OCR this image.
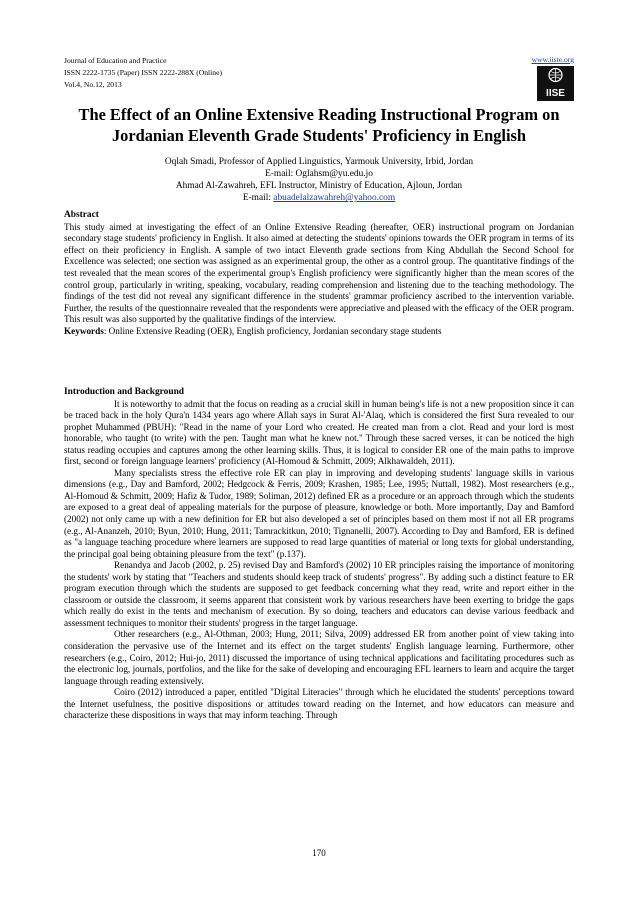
Journal of Education and Practice
ISSN 2222-1735 (Paper) ISSN 2222-288X (Online)
Vol.4, No.12, 2013
www.iiste.org
IISE
The Effect of an Online Extensive Reading Instructional Program on Jordanian Eleventh Grade Students' Proficiency in English
Oqlah Smadi, Professor of Applied Linguistics, Yarmouk University, Irbid, Jordan
E-mail: Oglahsm@yu.edu.jo
Ahmad Al-Zawahreh, EFL Instructor, Ministry of Education, Ajloun, Jordan
E-mail: abuadelalzawahreh@yahoo.com
Abstract

This study aimed at investigating the effect of an Online Extensive Reading (hereafter, OER) instructional program on Jordanian secondary stage students' proficiency in English. It also aimed at detecting the students' opinions towards the OER program in terms of its effect on their proficiency in English. A sample of two intact Eleventh grade sections from King Abdullah the Second School for Excellence was selected; one section was assigned as an experimental group, the other as a control group. The quantitative findings of the test revealed that the mean scores of the experimental group's English proficiency were significantly higher than the mean scores of the control group, particularly in writing, speaking, vocabulary, reading comprehension and listening due to the teaching methodology. The findings of the test did not reveal any significant difference in the students' grammar proficiency ascribed to the intervention variable. Further, the results of the questionnaire revealed that the respondents were appreciative and pleased with the efficacy of the OER program. This result was also supported by the qualitative findings of the interview.

Keywords: Online Extensive Reading (OER), English proficiency, Jordanian secondary stage students

Introduction and Background

It is noteworthy to admit that the focus on reading as a crucial skill in human being's life is not a new proposition since it can be traced back in the holy Qura'n 1434 years ago where Allah says in Surat Al-'Alaq, which is considered the first Sura revealed to our prophet Muhammed (PBUH): "Read in the name of your Lord who created. He created man from a clot. Read and your lord is most honorable, who taught (to write) with the pen. Taught man what he knew not." Through these sacred verses, it can be noticed the high status reading occupies and captures among the other learning skills. Thus, it is logical to consider ER one of the main paths to improve first, second or foreign language learners' proficiency (Al-Homoud & Schmitt, 2009; Alkhawaldeh, 2011).

Many specialists stress the effective role ER can play in improving and developing students' language skills in various dimensions (e.g., Day and Bamford, 2002; Hedgcock & Ferris, 2009; Krashen, 1985; Lee, 1995; Nuttall, 1982). Most researchers (e.g., Al-Homoud & Schmitt, 2009; Hafiz & Tudor, 1989; Soliman, 2012) defined ER as a procedure or an approach through which the students are exposed to a great deal of appealing materials for the purpose of pleasure, knowledge or both. More importantly, Day and Bamford (2002) not only came up with a new definition for ER but also developed a set of principles based on them most if not all ER programs (e.g., Al-Ananzeh, 2010; Byun, 2010; Hung, 2011; Tamrackitkun, 2010; Tignanelli, 2007). According to Day and Bamford, ER is defined as "a language teaching procedure where learners are supposed to read large quantities of material or long texts for global understanding, the principal goal being obtaining pleasure from the text" (p.137).

Renandya and Jacob (2002, p. 25) revised Day and Bamford's (2002) 10 ER principles raising the importance of monitoring the students' work by stating that "Teachers and students should keep track of students' progress". By adding such a distinct feature to ER program execution through which the students are supposed to get feedback concerning what they read, write and report either in the classroom or outside the classroom, it seems apparent that consistent work by various researchers have been exerting to bridge the gaps which really do exist in the tents and mechanism of execution. By so doing, teachers and educators can devise various feedback and assessment techniques to monitor their students' progress in the target language.

Other researchers (e.g., Al-Othman, 2003; Hung, 2011; Silva, 2009) addressed ER from another point of view taking into consideration the pervasive use of the Internet and its effect on the target students' English language learning. Furthermore, other researchers (e.g., Coiro, 2012; Hui-jo, 2011) discussed the importance of using technical applications and facilitating procedures such as the electronic log, journals, portfolios, and the like for the sake of developing and encouraging EFL learners to learn and acquire the target language through reading extensively.

Coiro (2012) introduced a paper, entitled "Digital Literacies" through which he elucidated the students' perceptions toward the Internet usefulness, the positive dispositions or attitudes toward reading on the Internet, and how educators can measure and characterize these dispositions in ways that may inform teaching. Through

170
